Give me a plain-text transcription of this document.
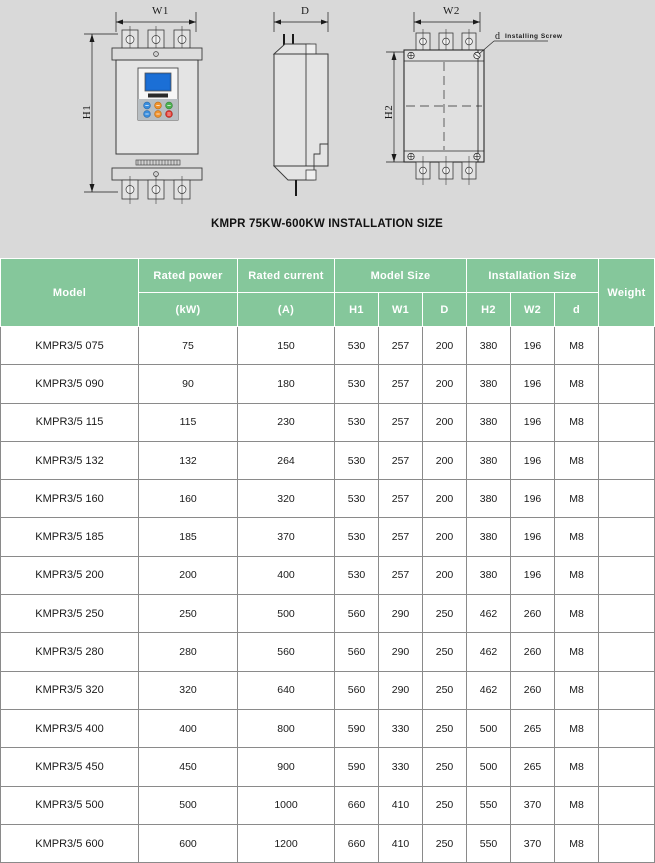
W1
H1
D	W2
H2
d Installing Screw
KMPR 75KW-600KW INSTALLATION SIZE
Model	Rated power	Rated current	Model Size			Installation Size			Weight
	(kW)	(A)	H1	W1	D	H2	W2	d	
KMPR3/5 075	75	150	530	257	200	380	196	M8	
KMPR3/5 090	90	180	530	257	200	380	196	M8	
KMPR3/5 115	115	230	530	257	200	380	196	M8	
KMPR3/5 132	132	264	530	257	200	380	196	M8	
KMPR3/5 160	160	320	530	257	200	380	196	M8	
KMPR3/5 185	185	370	530	257	200	380	196	M8	
KMPR3/5 200	200	400	530	257	200	380	196	M8	
KMPR3/5 250	250	500	560	290	250	462	260	M8	
KMPR3/5 280	280	560	560	290	250	462	260	M8	
KMPR3/5 320	320	640	560	290	250	462	260	M8	
KMPR3/5 400	400	800	590	330	250	500	265	M8	
KMPR3/5 450	450	900	590	330	250	500	265	M8	
KMPR3/5 500	500	1000	660	410	250	550	370	M8	
KMPR3/5 600	600	1200	660	410	250	550	370	M8	
